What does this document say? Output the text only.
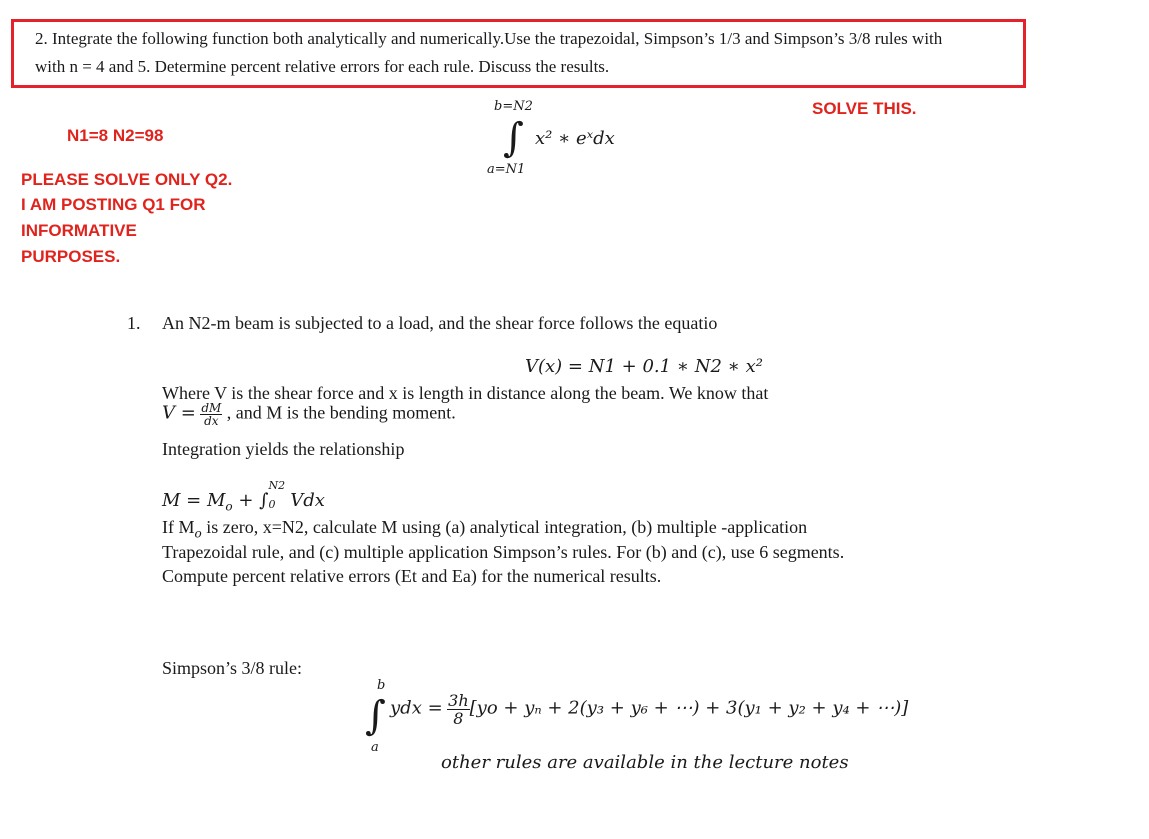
2. Integrate the following function both analytically and numerically.Use the trapezoidal, Simpson’s 1/3 and Simpson’s 3/8 rules with
with n = 4 and 5. Determine percent relative errors for each rule. Discuss the results.
b=N2
∫ x² ∗ eˣdx
a=N1
SOLVE THIS.
N1=8 N2=98
PLEASE SOLVE ONLY Q2.
I AM POSTING Q1 FOR
INFORMATIVE
PURPOSES.
1. An N2-m beam is subjected to a load, and the shear force follows the equatio
V(x) = N1 + 0.1 ∗ N2 ∗ x²
Where V is the shear force and x is length in distance along the beam. We know that
$V = \frac{dM}{dx}$ , and M is the bending moment.
Integration yields the relationship
$M = M_o$ + ∫
N2
0 Vdx
If $M_o$ is zero, x=N2, calculate M using (a) analytical integration, (b) multiple -application
Trapezoidal rule, and (c) multiple application Simpson’s rules. For (b) and (c), use 6 segments.
Compute percent relative errors (Et and Ea) for the numerical results.
Simpson’s 3/8 rule:
b
∫
a
ydx = $\frac{3h}{8} [yo + y_n + 2(y_3 + y_6$ + ⋯) + 3(y₁ + y₂ + y₄ + ⋯)]
other rules are available in the lecture notes
